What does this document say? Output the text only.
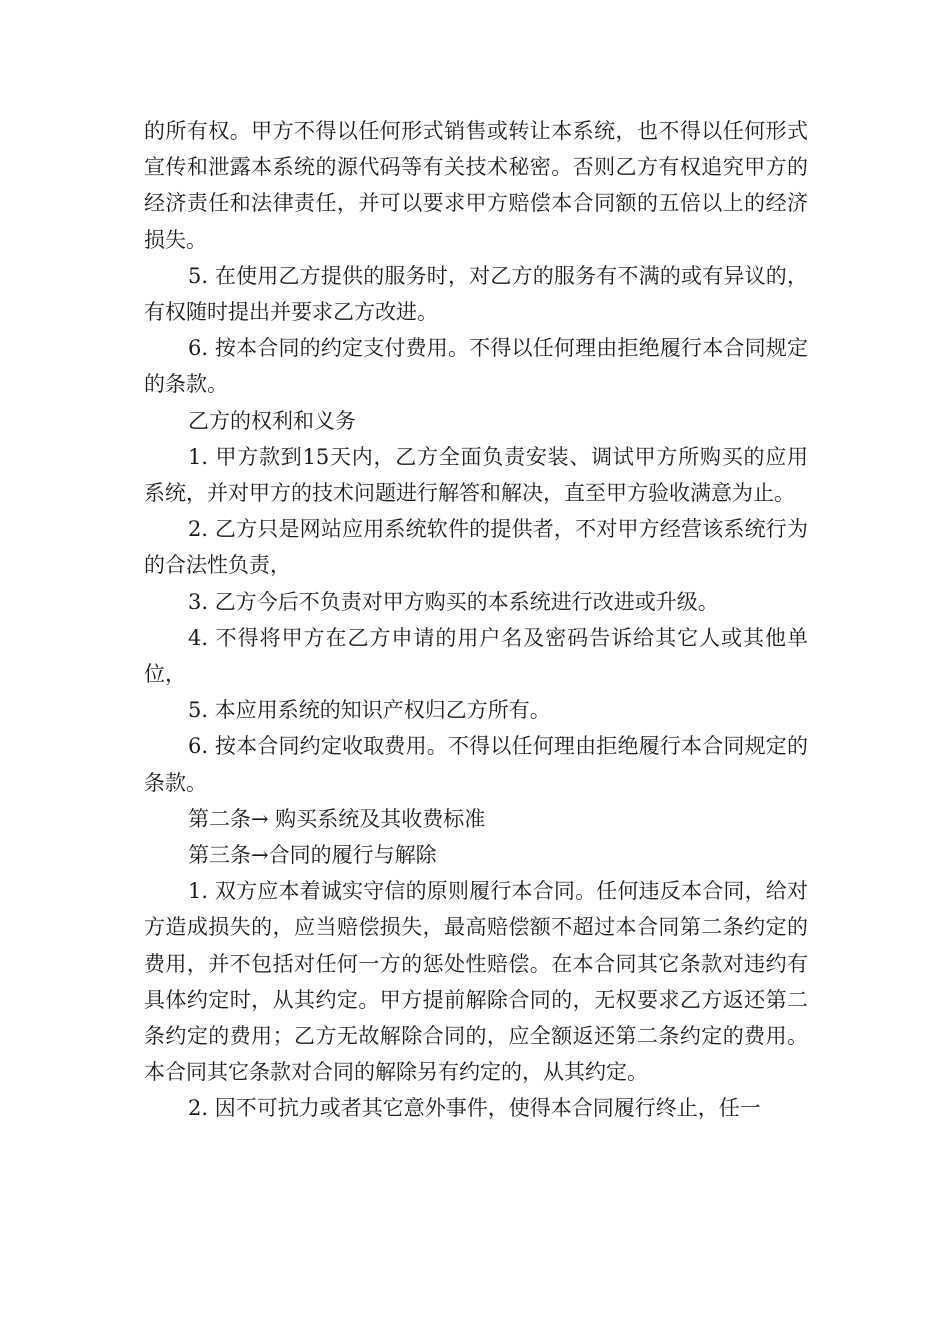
的所有权。甲方不得以任何形式销售或转让本系统，也不得以任何形式宣传和泄露本系统的源代码等有关技术秘密。否则乙方有权追究甲方的经济责任和法律责任，并可以要求甲方赔偿本合同额的五倍以上的经济损失。

5. 在使用乙方提供的服务时，对乙方的服务有不满的或有异议的，有权随时提出并要求乙方改进。

6. 按本合同的约定支付费用。不得以任何理由拒绝履行本合同规定的条款。

乙方的权利和义务

1. 甲方款到15天内，乙方全面负责安装、调试甲方所购买的应用系统，并对甲方的技术问题进行解答和解决，直至甲方验收满意为止。

2. 乙方只是网站应用系统软件的提供者，不对甲方经营该系统行为的合法性负责，

3. 乙方今后不负责对甲方购买的本系统进行改进或升级。

4. 不得将甲方在乙方申请的用户名及密码告诉给其它人或其他单位，

5. 本应用系统的知识产权归乙方所有。

6. 按本合同约定收取费用。不得以任何理由拒绝履行本合同规定的条款。

第二条→ 购买系统及其收费标准

第三条→合同的履行与解除

1. 双方应本着诚实守信的原则履行本合同。任何违反本合同，给对方造成损失的，应当赔偿损失，最高赔偿额不超过本合同第二条约定的费用，并不包括对任何一方的惩处性赔偿。在本合同其它条款对违约有具体约定时，从其约定。甲方提前解除合同的，无权要求乙方返还第二条约定的费用；乙方无故解除合同的，应全额返还第二条约定的费用。本合同其它条款对合同的解除另有约定的，从其约定。

2. 因不可抗力或者其它意外事件，使得本合同履行终止，任一
